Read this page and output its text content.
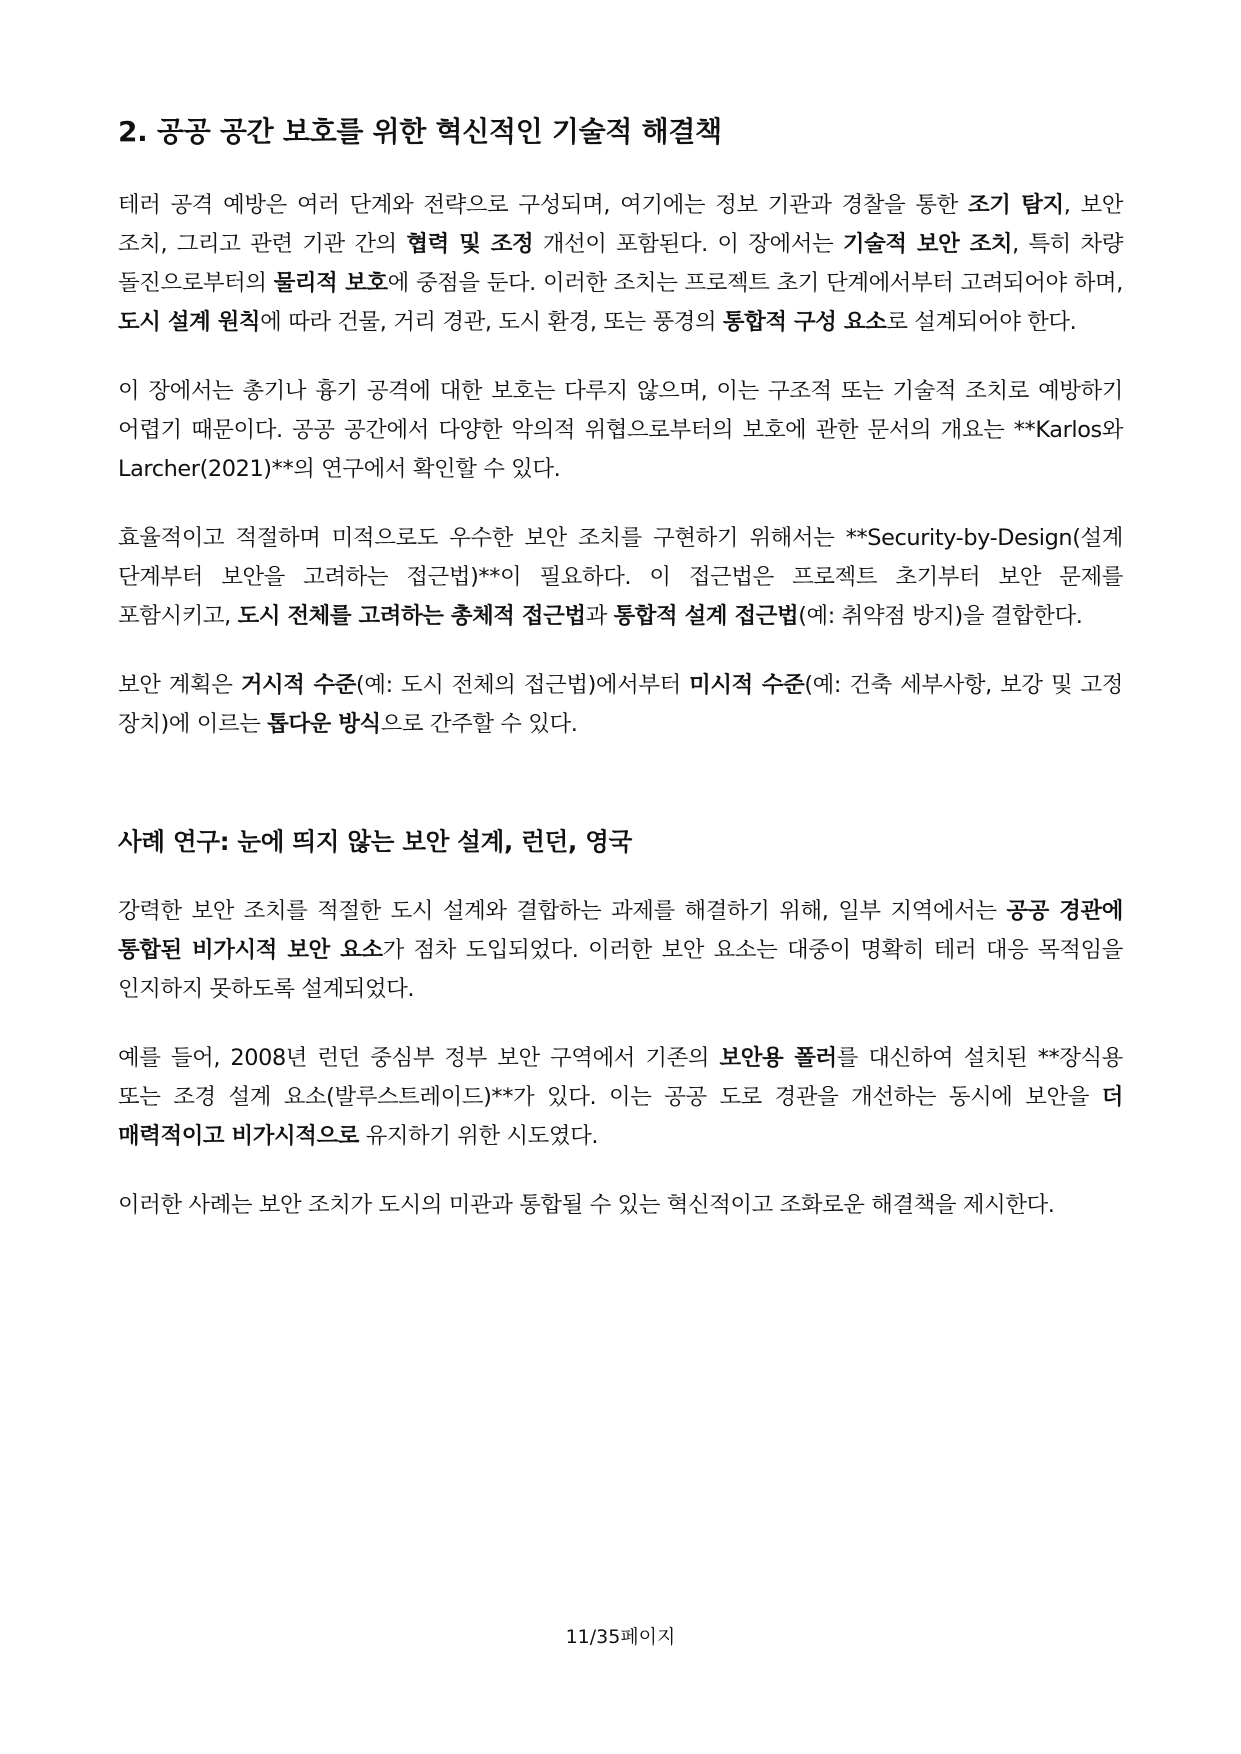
2. 공공 공간 보호를 위한 혁신적인 기술적 해결책

테러 공격 예방은 여러 단계와 전략으로 구성되며, 여기에는 정보 기관과 경찰을 통한 조기 탐지, 보안 조치, 그리고 관련 기관 간의 협력 및 조정 개선이 포함된다. 이 장에서는 기술적 보안 조치, 특히 차량 돌진으로부터의 물리적 보호에 중점을 둔다. 이러한 조치는 프로젝트 초기 단계에서부터 고려되어야 하며, 도시 설계 원칙에 따라 건물, 거리 경관, 도시 환경, 또는 풍경의 통합적 구성 요소로 설계되어야 한다.

이 장에서는 총기나 흉기 공격에 대한 보호는 다루지 않으며, 이는 구조적 또는 기술적 조치로 예방하기 어렵기 때문이다. 공공 공간에서 다양한 악의적 위협으로부터의 보호에 관한 문서의 개요는 **Karlos와 Larcher(2021)**의 연구에서 확인할 수 있다.

효율적이고 적절하며 미적으로도 우수한 보안 조치를 구현하기 위해서는 **Security-by-Design(설계 단계부터 보안을 고려하는 접근법)**이 필요하다. 이 접근법은 프로젝트 초기부터 보안 문제를 포함시키고, 도시 전체를 고려하는 총체적 접근법과 통합적 설계 접근법(예: 취약점 방지)을 결합한다.

보안 계획은 거시적 수준(예: 도시 전체의 접근법)에서부터 미시적 수준(예: 건축 세부사항, 보강 및 고정 장치)에 이르는 톱다운 방식으로 간주할 수 있다.

사례 연구: 눈에 띄지 않는 보안 설계, 런던, 영국

강력한 보안 조치를 적절한 도시 설계와 결합하는 과제를 해결하기 위해, 일부 지역에서는 공공 경관에 통합된 비가시적 보안 요소가 점차 도입되었다. 이러한 보안 요소는 대중이 명확히 테러 대응 목적임을 인지하지 못하도록 설계되었다.

예를 들어, 2008년 런던 중심부 정부 보안 구역에서 기존의 보안용 폴러를 대신하여 설치된 **장식용 또는 조경 설계 요소(발루스트레이드)**가 있다. 이는 공공 도로 경관을 개선하는 동시에 보안을 더 매력적이고 비가시적으로 유지하기 위한 시도였다.

이러한 사례는 보안 조치가 도시의 미관과 통합될 수 있는 혁신적이고 조화로운 해결책을 제시한다.

11/35페이지
